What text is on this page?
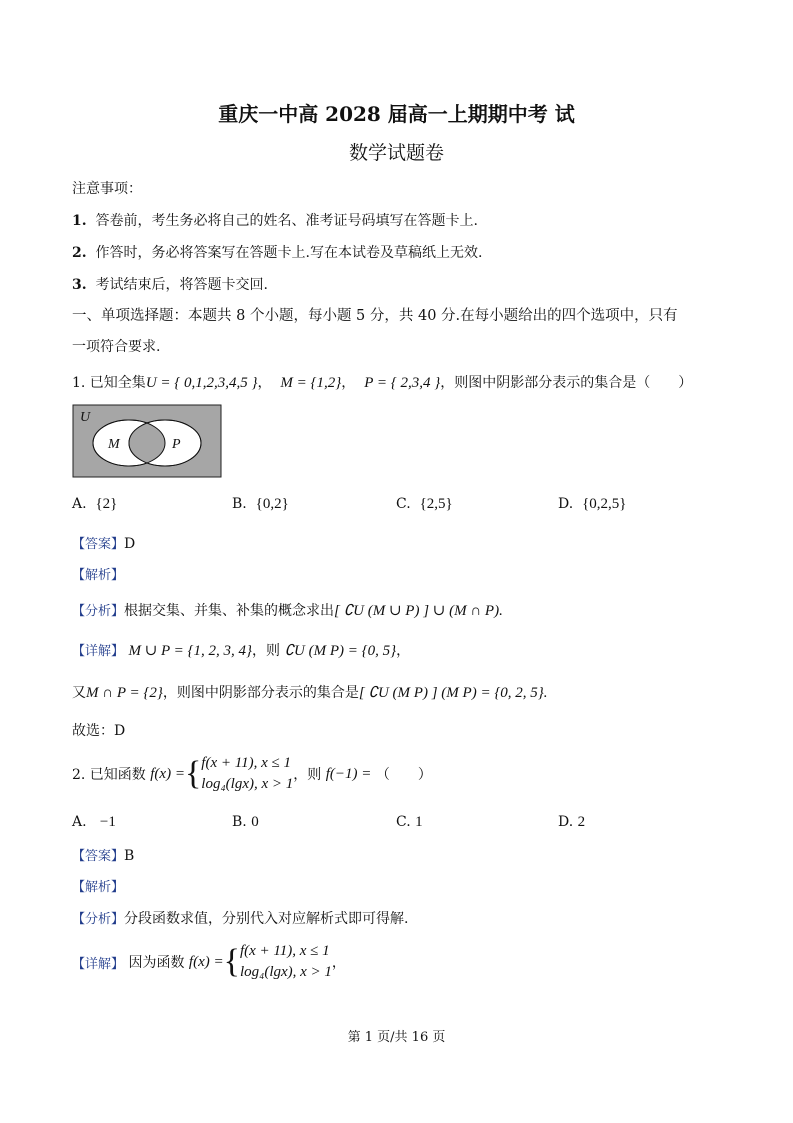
重庆一中高 2028 届高一上期期中考 试
数学试题卷
注意事项：
1. 答卷前，考生务必将自己的姓名、准考证号码填写在答题卡上.
2. 作答时，务必将答案写在答题卡上.写在本试卷及草稿纸上无效.
3. 考试结束后，将答题卡交回.
一、单项选择题：本题共 8 个小题，每小题 5 分，共 40 分.在每小题给出的四个选项中，只有
一项符合要求.
1. 已知全集U = { 0,1,2,3,4,5 }， M = {1,2}， P = { 2,3,4 }，则图中阴影部分表示的集合是（　　）
U
M	P
A. {2}	B. {0,2}	C. {2,5}	D. {0,2,5}
【答案】D
【解析】
【分析】根据交集、并集、补集的概念求出[ ∁U (M ∪ P) ] ∪ (M ∩ P).
【详解】 M ∪ P = {1, 2, 3, 4}，则 ∁U (M P) = {0, 5}，
又M ∩ P = {2}，则图中阴影部分表示的集合是[ ∁U (M P) ] (M P) = {0, 2, 5}.
故选：D
2. 已知函数
f(x) = { f(x + 11), x ≤ 1
log₄(lgx), x > 1
，则
f(−1) =
（　　）
A. −1	B. 0	C. 1	D. 2
【答案】B
【解析】
【分析】分段函数求值，分别代入对应解析式即可得解.
【详解】
因为函数
f(x) = { f(x + 11), x ≤ 1
log₄(lgx), x > 1
，
第 1 页/共 16 页
